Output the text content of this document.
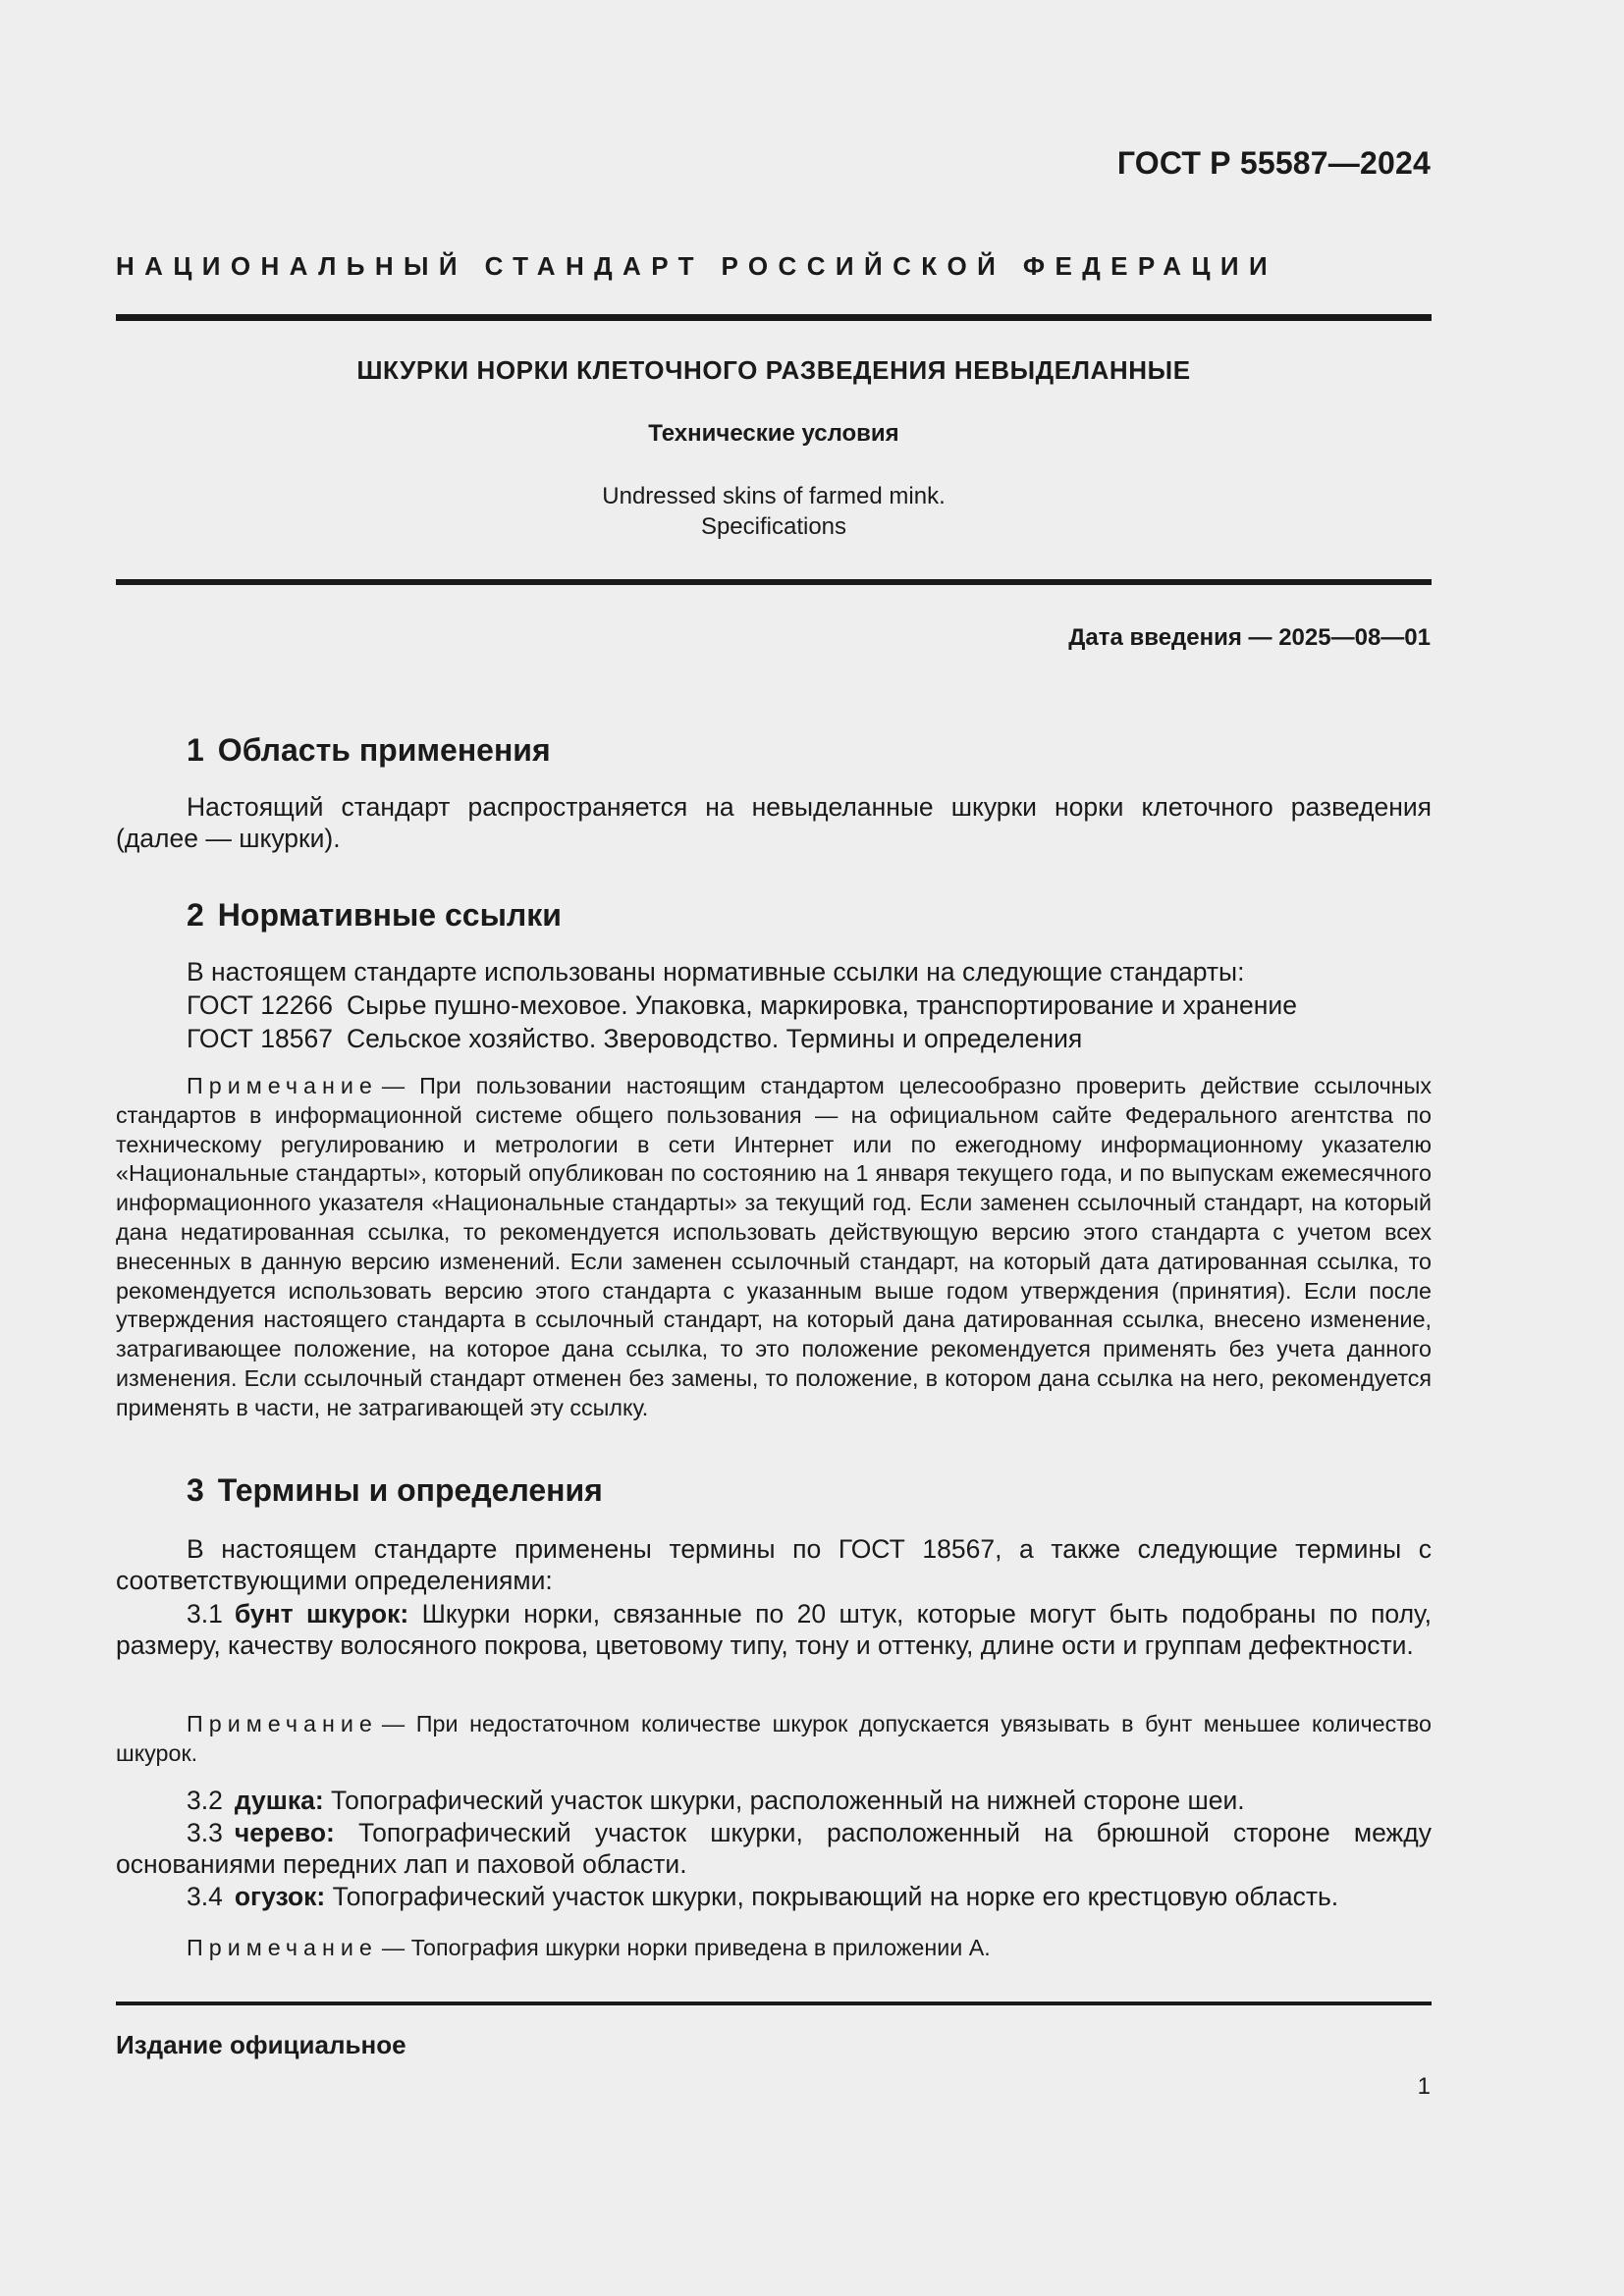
ГОСТ Р 55587—2024
НАЦИОНАЛЬНЫЙ СТАНДАРТ РОССИЙСКОЙ ФЕДЕРАЦИИ
ШКУРКИ НОРКИ КЛЕТОЧНОГО РАЗВЕДЕНИЯ НЕВЫДЕЛАННЫЕ
Технические условия
Undressed skins of farmed mink.
Specifications
Дата введения — 2025—08—01
1 Область применения

Настоящий стандарт распространяется на невыделанные шкурки норки клеточного разведения (далее — шкурки).

2 Нормативные ссылки

В настоящем стандарте использованы нормативные ссылки на следующие стандарты:

ГОСТ 12266 Сырье пушно-меховое. Упаковка, маркировка, транспортирование и хранение
ГОСТ 18567 Сельское хозяйство. Звероводство. Термины и определения

Примечание — При пользовании настоящим стандартом целесообразно проверить действие ссылочных стандартов в информационной системе общего пользования — на официальном сайте Федерального агентства по техническому регулированию и метрологии в сети Интернет или по ежегодному информационному указателю «Национальные стандарты», который опубликован по состоянию на 1 января текущего года, и по выпускам ежемесячного информационного указателя «Национальные стандарты» за текущий год. Если заменен ссылочный стандарт, на который дана недатированная ссылка, то рекомендуется использовать действующую версию этого стандарта с учетом всех внесенных в данную версию изменений. Если заменен ссылочный стандарт, на который дата датированная ссылка, то рекомендуется использовать версию этого стандарта с указанным выше годом утверждения (принятия). Если после утверждения настоящего стандарта в ссылочный стандарт, на который дана датированная ссылка, внесено изменение, затрагивающее положение, на которое дана ссылка, то это положение рекомендуется применять без учета данного изменения. Если ссылочный стандарт отменен без замены, то положение, в котором дана ссылка на него, рекомендуется применять в части, не затрагивающей эту ссылку.

3 Термины и определения

В настоящем стандарте применены термины по ГОСТ 18567, а также следующие термины с соответствующими определениями:

3.1 бунт шкурок: Шкурки норки, связанные по 20 штук, которые могут быть подобраны по полу, размеру, качеству волосяного покрова, цветовому типу, тону и оттенку, длине ости и группам дефектности.

Примечание — При недостаточном количестве шкурок допускается увязывать в бунт меньшее количество шкурок.

3.2 душка: Топографический участок шкурки, расположенный на нижней стороне шеи.

3.3 черево: Топографический участок шкурки, расположенный на брюшной стороне между основаниями передних лап и паховой области.

3.4 огузок: Топографический участок шкурки, покрывающий на норке его крестцовую область.

Примечание — Топография шкурки норки приведена в приложении А.

Издание официальное
1
